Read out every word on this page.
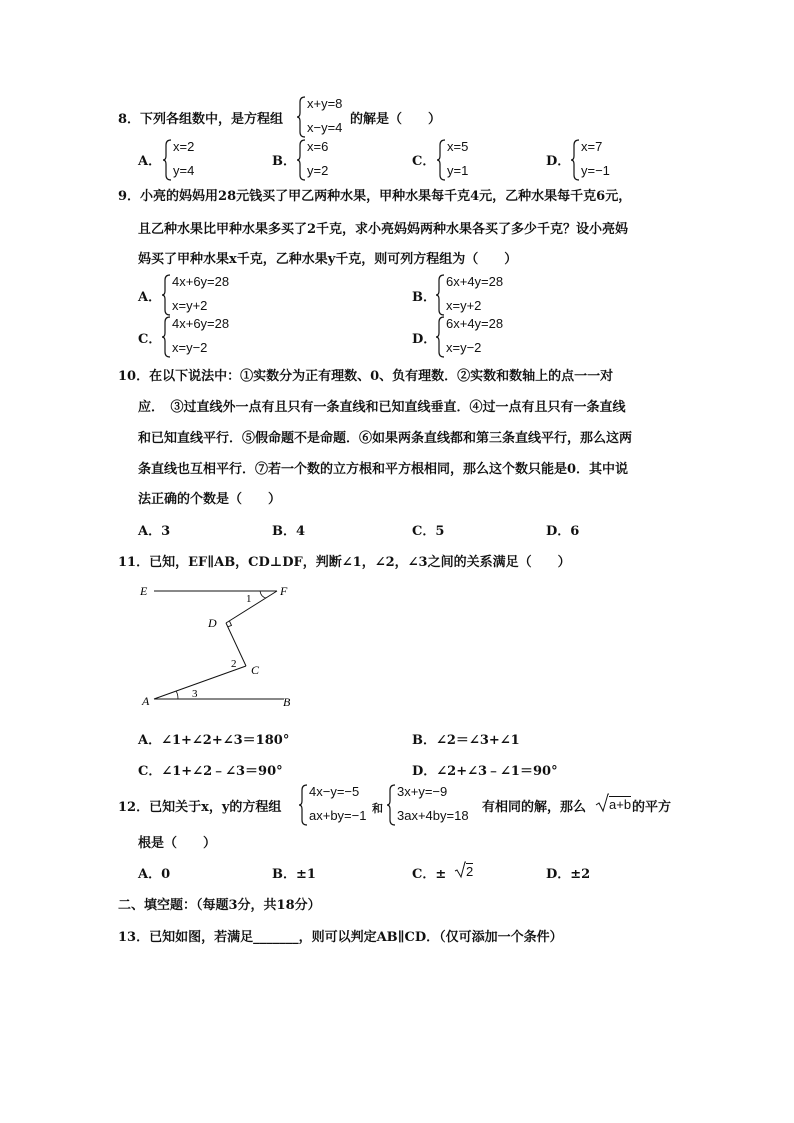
8．下列各组数中，是方程组
x+y=8
x−y=4
的解是（　　）
A．
x=2
y=4
B．
x=6
y=2
C．
x=5
y=1
D．
x=7
y=−1
9．小亮的妈妈用28元钱买了甲乙两种水果，甲种水果每千克4元，乙种水果每千克6元，
且乙种水果比甲种水果多买了2千克，求小亮妈妈两种水果各买了多少千克？设小亮妈
妈买了甲种水果x千克，乙种水果y千克，则可列方程组为（　　）
A．
4x+6y=28
x=y+2
B．
6x+4y=28
x=y+2
C．
4x+6y=28
x=y−2
D．
6x+4y=28
x=y−2
10．在以下说法中：①实数分为正有理数、0、负有理数．②实数和数轴上的点一一对
应．　③过直线外一点有且只有一条直线和已知直线垂直．④过一点有且只有一条直线
和已知直线平行．⑤假命题不是命题．⑥如果两条直线都和第三条直线平行，那么这两
条直线也互相平行．⑦若一个数的立方根和平方根相同，那么这个数只能是0．其中说
法正确的个数是（　　）
A．3	B．4	C．5	D．6
11．已知，EF∥AB，CD⊥DF，判断∠1，∠2，∠3之间的关系满足（　　）
E	F
1
D
2 C
3
A	B
A．∠1+∠2+∠3＝180°	B．∠2＝∠3+∠1
C．∠1+∠2﹣∠3＝90°	D．∠2+∠3﹣∠1＝90°
12．已知关于x，y的方程组
4x−y=−5
ax+by=−1 和
3x+y=−9
3ax+4by=18
有相同的解，那么 a+b 的平方
根是（　　）
A．0	B．±1	C．± 2	D．±2
二、填空题：（每题3分，共18分）
13．已知如图，若满足_______，则可以判定AB∥CD．（仅可添加一个条件）
